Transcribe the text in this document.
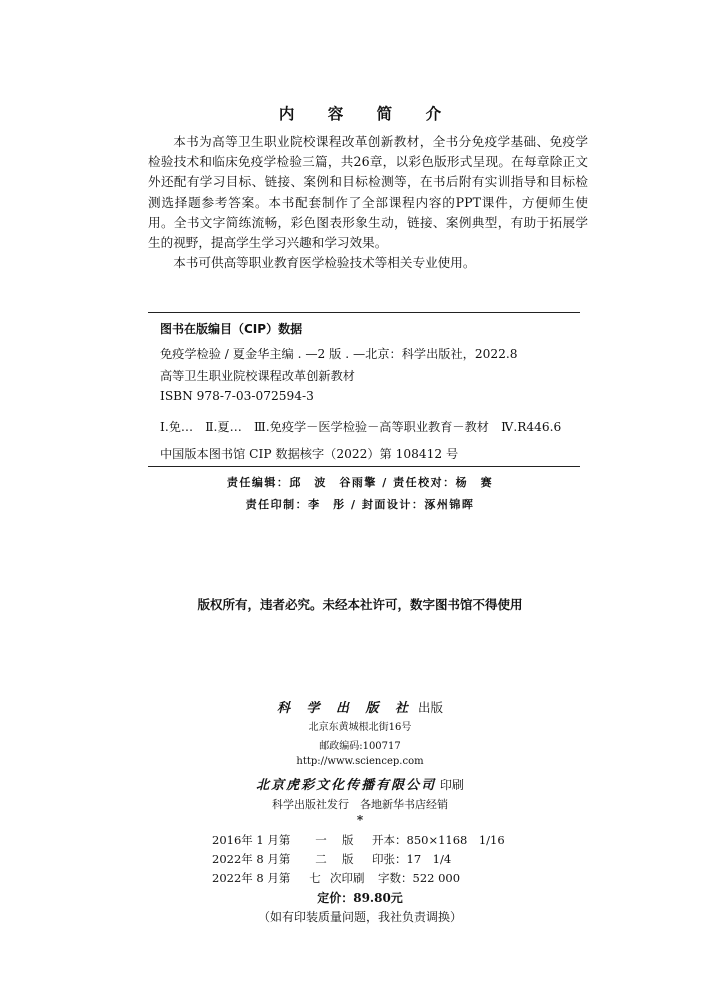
内 容 简 介

本书为高等卫生职业院校课程改革创新教材，全书分免疫学基础、免疫学检验技术和临床免疫学检验三篇，共26章，以彩色版形式呈现。在每章除正文外还配有学习目标、链接、案例和目标检测等，在书后附有实训指导和目标检测选择题参考答案。本书配套制作了全部课程内容的PPT课件，方便师生使用。全书文字简练流畅，彩色图表形象生动，链接、案例典型，有助于拓展学生的视野，提高学生学习兴趣和学习效果。

本书可供高等职业教育医学检验技术等相关专业使用。

图书在版编目（CIP）数据
免疫学检验 / 夏金华主编 . —2 版 . —北京：科学出版社，2022.8
高等卫生职业院校课程改革创新教材
ISBN 978-7-03-072594-3
Ⅰ.免…　Ⅱ.夏…　Ⅲ.免疫学－医学检验－高等职业教育－教材　Ⅳ.R446.6
中国版本图书馆 CIP 数据核字（2022）第 108412 号
责任编辑：邱　波　谷雨擎 / 责任校对：杨　赛
责任印制：李　彤 / 封面设计：涿州锦晖
版权所有，违者必究。未经本社许可，数字图书馆不得使用
科 学 出 版 社 出版
北京东黄城根北街16号
邮政编码:100717
http://www.sciencep.com
北京虎彩文化传播有限公司 印刷
科学出版社发行　各地新华书店经销
*
2016年 1 月第 一 版 开本：850×1168　1/16
2022年 8 月第 二 版 印张：17　1/4
2022年 8 月第 七 次印刷 字数：522 000
定价：89.80元
（如有印装质量问题，我社负责调换）
